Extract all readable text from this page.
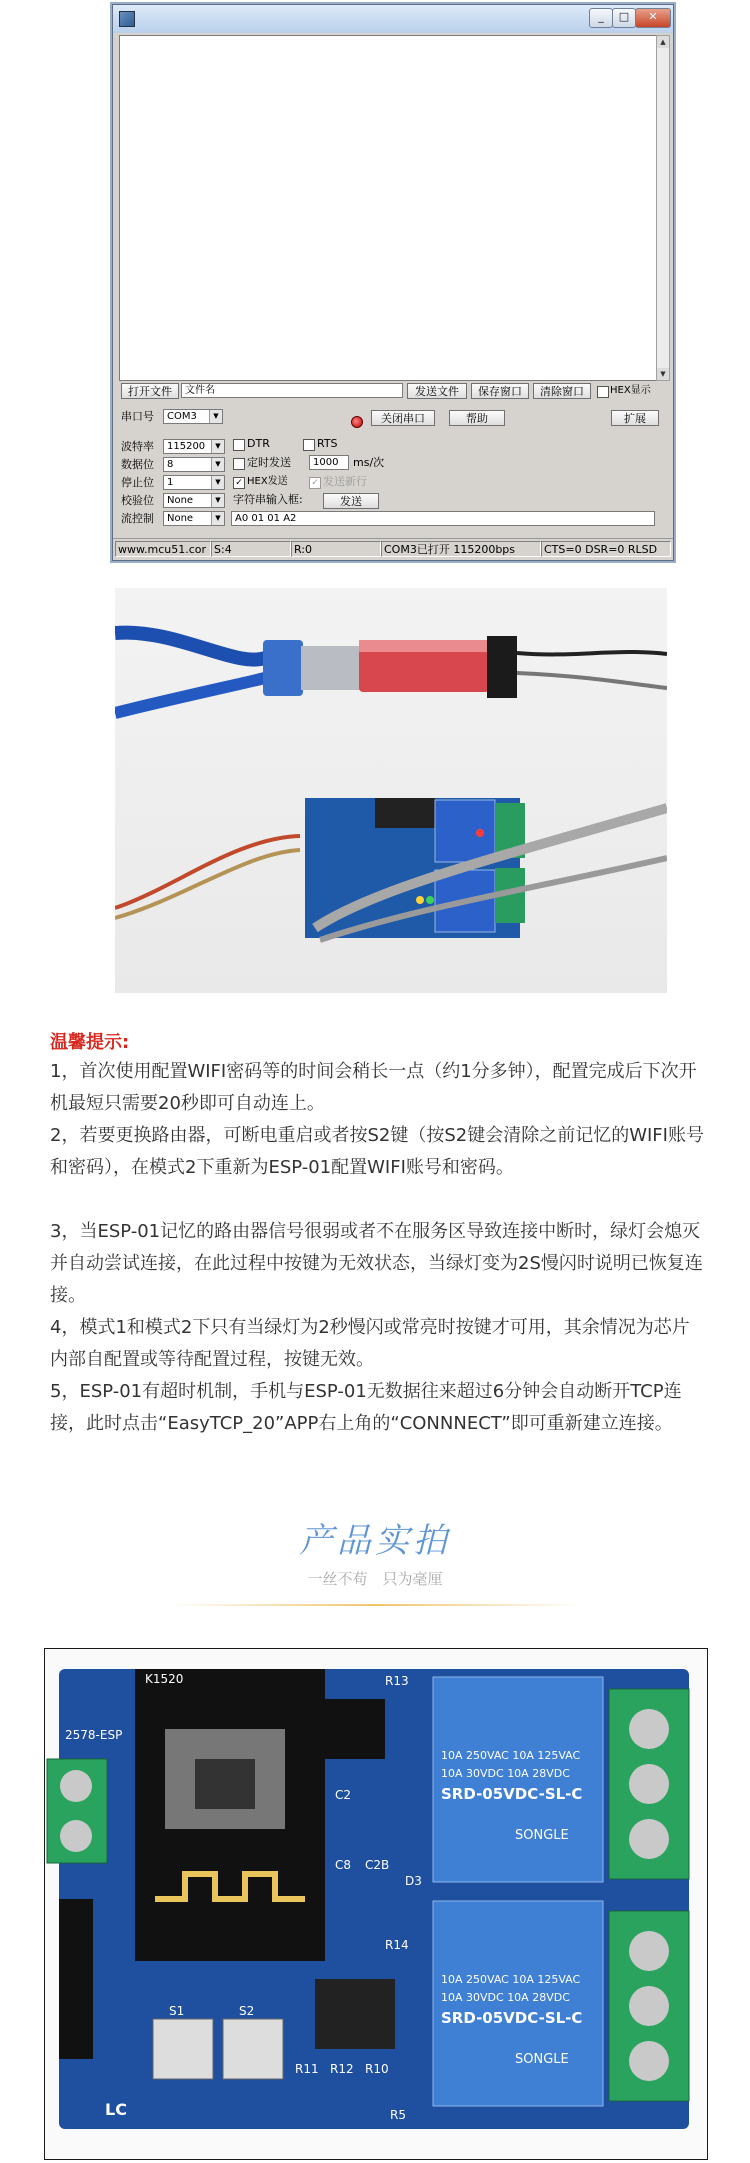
_	□	✕
▲
▼
打开文件	文件名	发送文件	保存窗口	清除窗口	HEX显示
串口号	COM3	▼	关闭串口	帮助	扩展
波特率	115200	▼
数据位	8	▼
停止位	1	▼
校验位	None	▼
流控制	None	▼
DTR	RTS
定时发送	1000	ms/次
✓ HEX发送	✓ 发送新行
字符串输入框:	发送
A0 01 01 A2
www.mcu51.cor S:4	R:0	COM3已打开 115200bps	CTS=0 DSR=0 RLSD
温馨提示:
1，首次使用配置WIFI密码等的时间会稍长一点（约1分多钟），配置完成后下次开机最短只需要20秒即可自动连上。
2，若要更换路由器，可断电重启或者按S2键（按S2键会清除之前记忆的WIFI账号和密码），在模式2下重新为ESP-01配置WIFI账号和密码。
3，当ESP-01记忆的路由器信号很弱或者不在服务区导致连接中断时，绿灯会熄灭并自动尝试连接，在此过程中按键为无效状态，当绿灯变为2S慢闪时说明已恢复连接。
4，模式1和模式2下只有当绿灯为2秒慢闪或常亮时按键才可用，其余情况为芯片内部自配置或等待配置过程，按键无效。
5，ESP-01有超时机制，手机与ESP-01无数据往来超过6分钟会自动断开TCP连接，此时点击“EasyTCP_20”APP右上角的“CONNNECT”即可重新建立连接。
产品实拍
一丝不苟　只为毫厘
K1520
2578-ESP
C2
C8 C2B
R13
R14
D3
R11 R12 R10
R5
S1	S2
LC
10A 250VAC 10A 125VAC
10A 30VDC 10A 28VDC
SRD-05VDC-SL-C
SONGLE
10A 250VAC 10A 125VAC
10A 30VDC 10A 28VDC
SRD-05VDC-SL-C
SONGLE
